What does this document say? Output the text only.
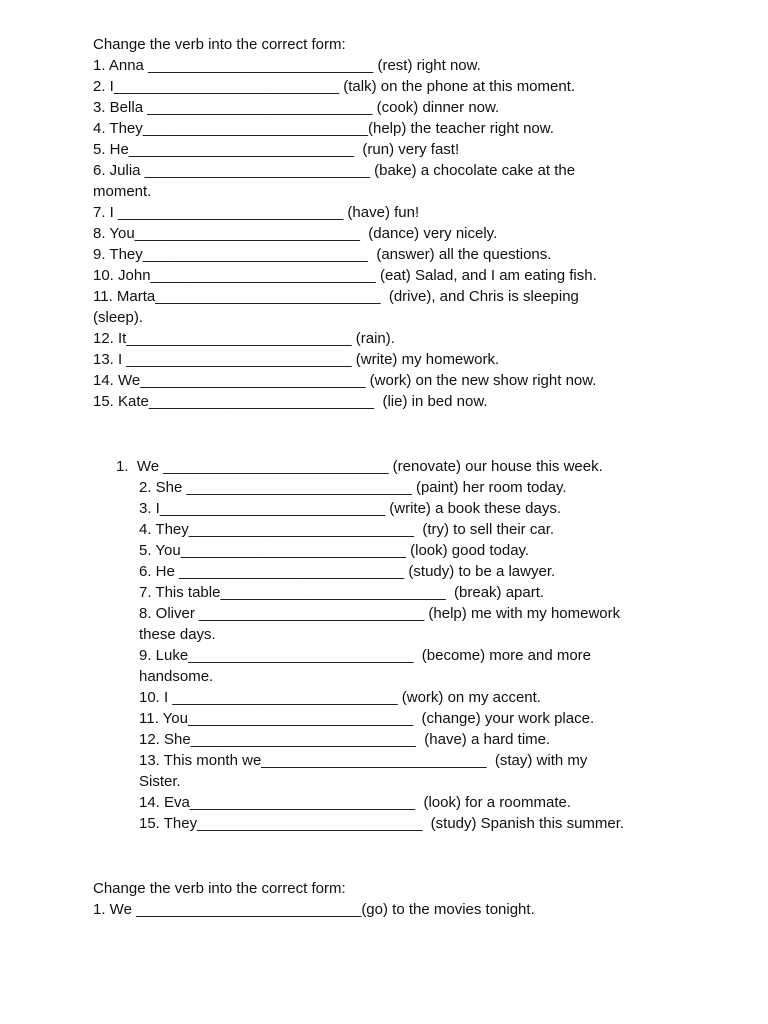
Change the verb into the correct form:
1. Anna ___________________________ (rest) right now.
2. I___________________________ (talk) on the phone at this moment.
3. Bella ___________________________ (cook) dinner now.
4. They___________________________(help) the teacher right now.
5. He___________________________  (run) very fast!
6. Julia ___________________________ (bake) a chocolate cake at the
moment.
7. I ___________________________ (have) fun!
8. You___________________________  (dance) very nicely.
9. They___________________________  (answer) all the questions.
10. John___________________________ (eat) Salad, and I am eating fish.
11. Marta___________________________  (drive), and Chris is sleeping
(sleep).
12. It___________________________ (rain).
13. I ___________________________ (write) my homework.
14. We___________________________ (work) on the new show right now.
15. Kate___________________________  (lie) in bed now.
1.  We ___________________________ (renovate) our house this week.
2. She ___________________________ (paint) her room today.
3. I___________________________ (write) a book these days.
4. They___________________________  (try) to sell their car.
5. You___________________________ (look) good today.
6. He ___________________________ (study) to be a lawyer.
7. This table___________________________  (break) apart.
8. Oliver ___________________________ (help) me with my homework
these days.
9. Luke___________________________  (become) more and more
handsome.
10. I ___________________________ (work) on my accent.
11. You___________________________  (change) your work place.
12. She___________________________  (have) a hard time.
13. This month we___________________________  (stay) with my
Sister.
14. Eva___________________________  (look) for a roommate.
15. They___________________________  (study) Spanish this summer.
Change the verb into the correct form:
1. We ___________________________(go) to the movies tonight.
